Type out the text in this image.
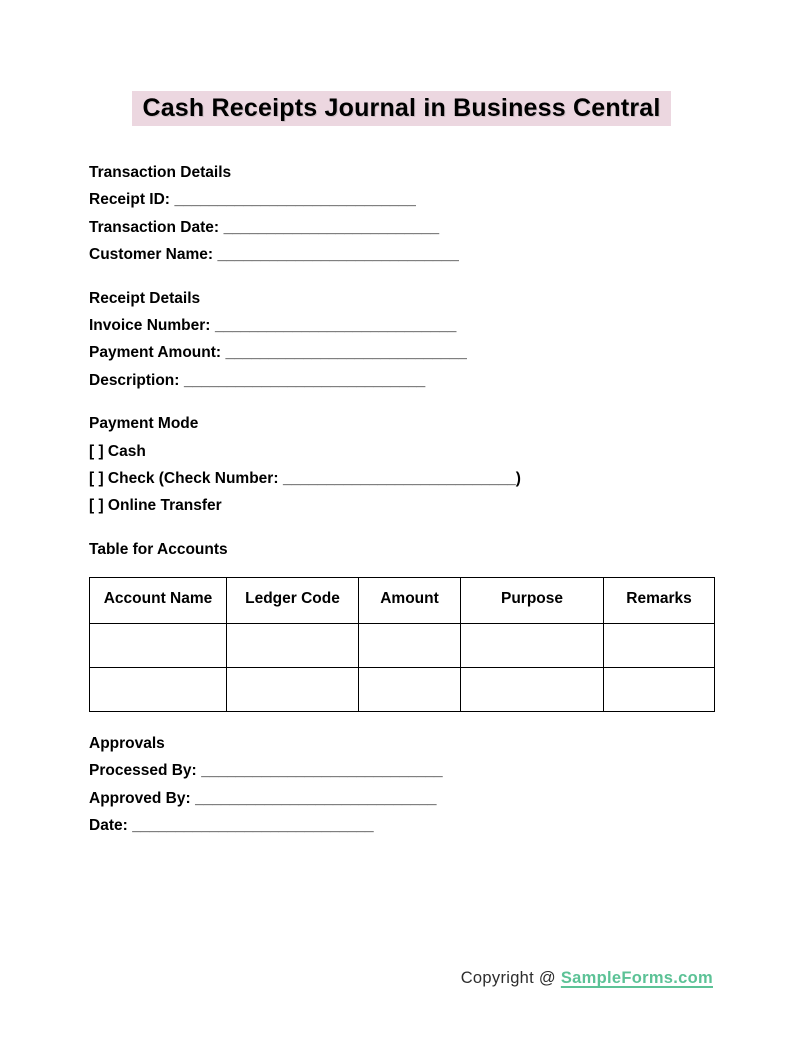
Cash Receipts Journal in Business Central

Transaction Details

Receipt ID: ____________________________

Transaction Date: _________________________

Customer Name: ____________________________

Receipt Details

Invoice Number: ____________________________

Payment Amount: ____________________________

Description: ____________________________

Payment Mode

[ ] Cash

[ ] Check (Check Number: ___________________________)

[ ] Online Transfer

Table for Accounts

Account Name	Ledger Code	Amount	Purpose	Remarks

Approvals

Processed By: ____________________________

Approved By: ____________________________

Date: ____________________________

Copyright @ SampleForms.com
